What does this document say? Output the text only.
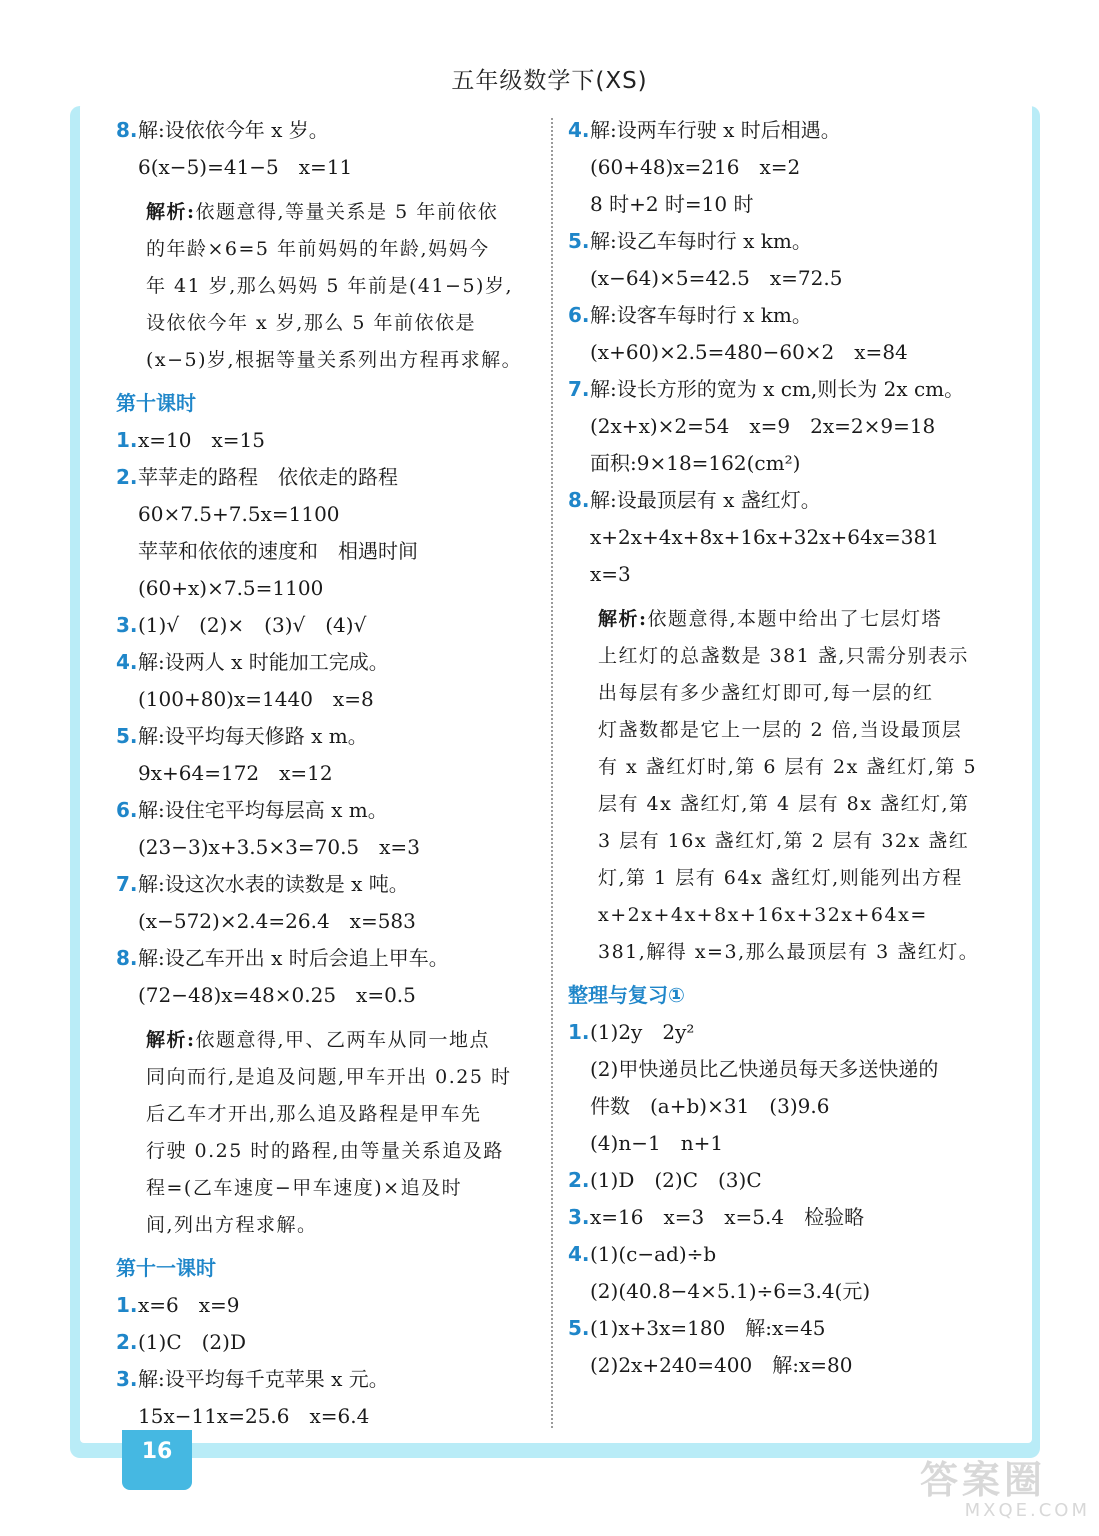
五年级数学下(XS)
8.解:设依依今年 x 岁。
6(x−5)=41−5　x=11
解析:依题意得,等量关系是 5 年前依依
的年龄×6=5 年前妈妈的年龄,妈妈今
年 41 岁,那么妈妈 5 年前是(41−5)岁,
设依依今年 x 岁,那么 5 年前依依是
(x−5)岁,根据等量关系列出方程再求解。
第十课时
1.x=10　x=15
2.苹苹走的路程　依依走的路程
60×7.5+7.5x=1100
苹苹和依依的速度和　相遇时间
(60+x)×7.5=1100
3.(1)√　(2)×　(3)√　(4)√
4.解:设两人 x 时能加工完成。
(100+80)x=1440　x=8
5.解:设平均每天修路 x m。
9x+64=172　x=12
6.解:设住宅平均每层高 x m。
(23−3)x+3.5×3=70.5　x=3
7.解:设这次水表的读数是 x 吨。
(x−572)×2.4=26.4　x=583
8.解:设乙车开出 x 时后会追上甲车。
(72−48)x=48×0.25　x=0.5
解析:依题意得,甲、乙两车从同一地点
同向而行,是追及问题,甲车开出 0.25 时
后乙车才开出,那么追及路程是甲车先
行驶 0.25 时的路程,由等量关系追及路
程=(乙车速度−甲车速度)×追及时
间,列出方程求解。
第十一课时
1.x=6　x=9
2.(1)C　(2)D
3.解:设平均每千克苹果 x 元。
15x−11x=25.6　x=6.4
4.解:设两车行驶 x 时后相遇。
(60+48)x=216　x=2
8 时+2 时=10 时
5.解:设乙车每时行 x km。
(x−64)×5=42.5　x=72.5
6.解:设客车每时行 x km。
(x+60)×2.5=480−60×2　x=84
7.解:设长方形的宽为 x cm,则长为 2x cm。
(2x+x)×2=54　x=9　2x=2×9=18
面积:9×18=162(cm²)
8.解:设最顶层有 x 盏红灯。
x+2x+4x+8x+16x+32x+64x=381
x=3
解析:依题意得,本题中给出了七层灯塔
上红灯的总盏数是 381 盏,只需分别表示
出每层有多少盏红灯即可,每一层的红
灯盏数都是它上一层的 2 倍,当设最顶层
有 x 盏红灯时,第 6 层有 2x 盏红灯,第 5
层有 4x 盏红灯,第 4 层有 8x 盏红灯,第
3 层有 16x 盏红灯,第 2 层有 32x 盏红
灯,第 1 层有 64x 盏红灯,则能列出方程
x+2x+4x+8x+16x+32x+64x=
381,解得 x=3,那么最顶层有 3 盏红灯。
整理与复习①
1.(1)2y　2y²
(2)甲快递员比乙快递员每天多送快递的
件数　(a+b)×31　(3)9.6
(4)n−1　n+1
2.(1)D　(2)C　(3)C
3.x=16　x=3　x=5.4　检验略
4.(1)(c−ad)÷b
(2)(40.8−4×5.1)÷6=3.4(元)
5.(1)x+3x=180　解:x=45
(2)2x+240=400　解:x=80
16
答案圈
MXQE.COM
